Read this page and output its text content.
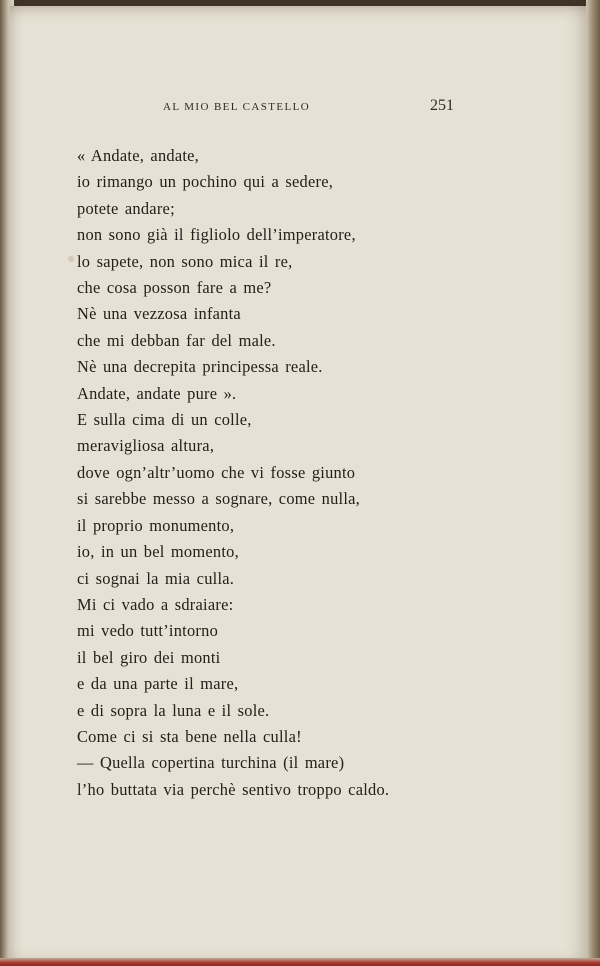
AL MIO BEL CASTELLO	251
« Andate, andate,
io rimango un pochino qui a sedere,
potete andare;
non sono già il figliolo dell’imperatore,
lo sapete, non sono mica il re,
che cosa posson fare a me?
Nè una vezzosa infanta
che mi debban far del male.
Nè una decrepita principessa reale.
Andate, andate pure ».
E sulla cima di un colle,
meravigliosa altura,
dove ogn’altr’uomo che vi fosse giunto
si sarebbe messo a sognare, come nulla,
il proprio monumento,
io, in un bel momento,
ci sognai la mia culla.
Mi ci vado a sdraiare:
mi vedo tutt’intorno
il bel giro dei monti
e da una parte il mare,
e di sopra la luna e il sole.
Come ci si sta bene nella culla!
— Quella copertina turchina (il mare)
l’ho buttata via perchè sentivo troppo caldo.
